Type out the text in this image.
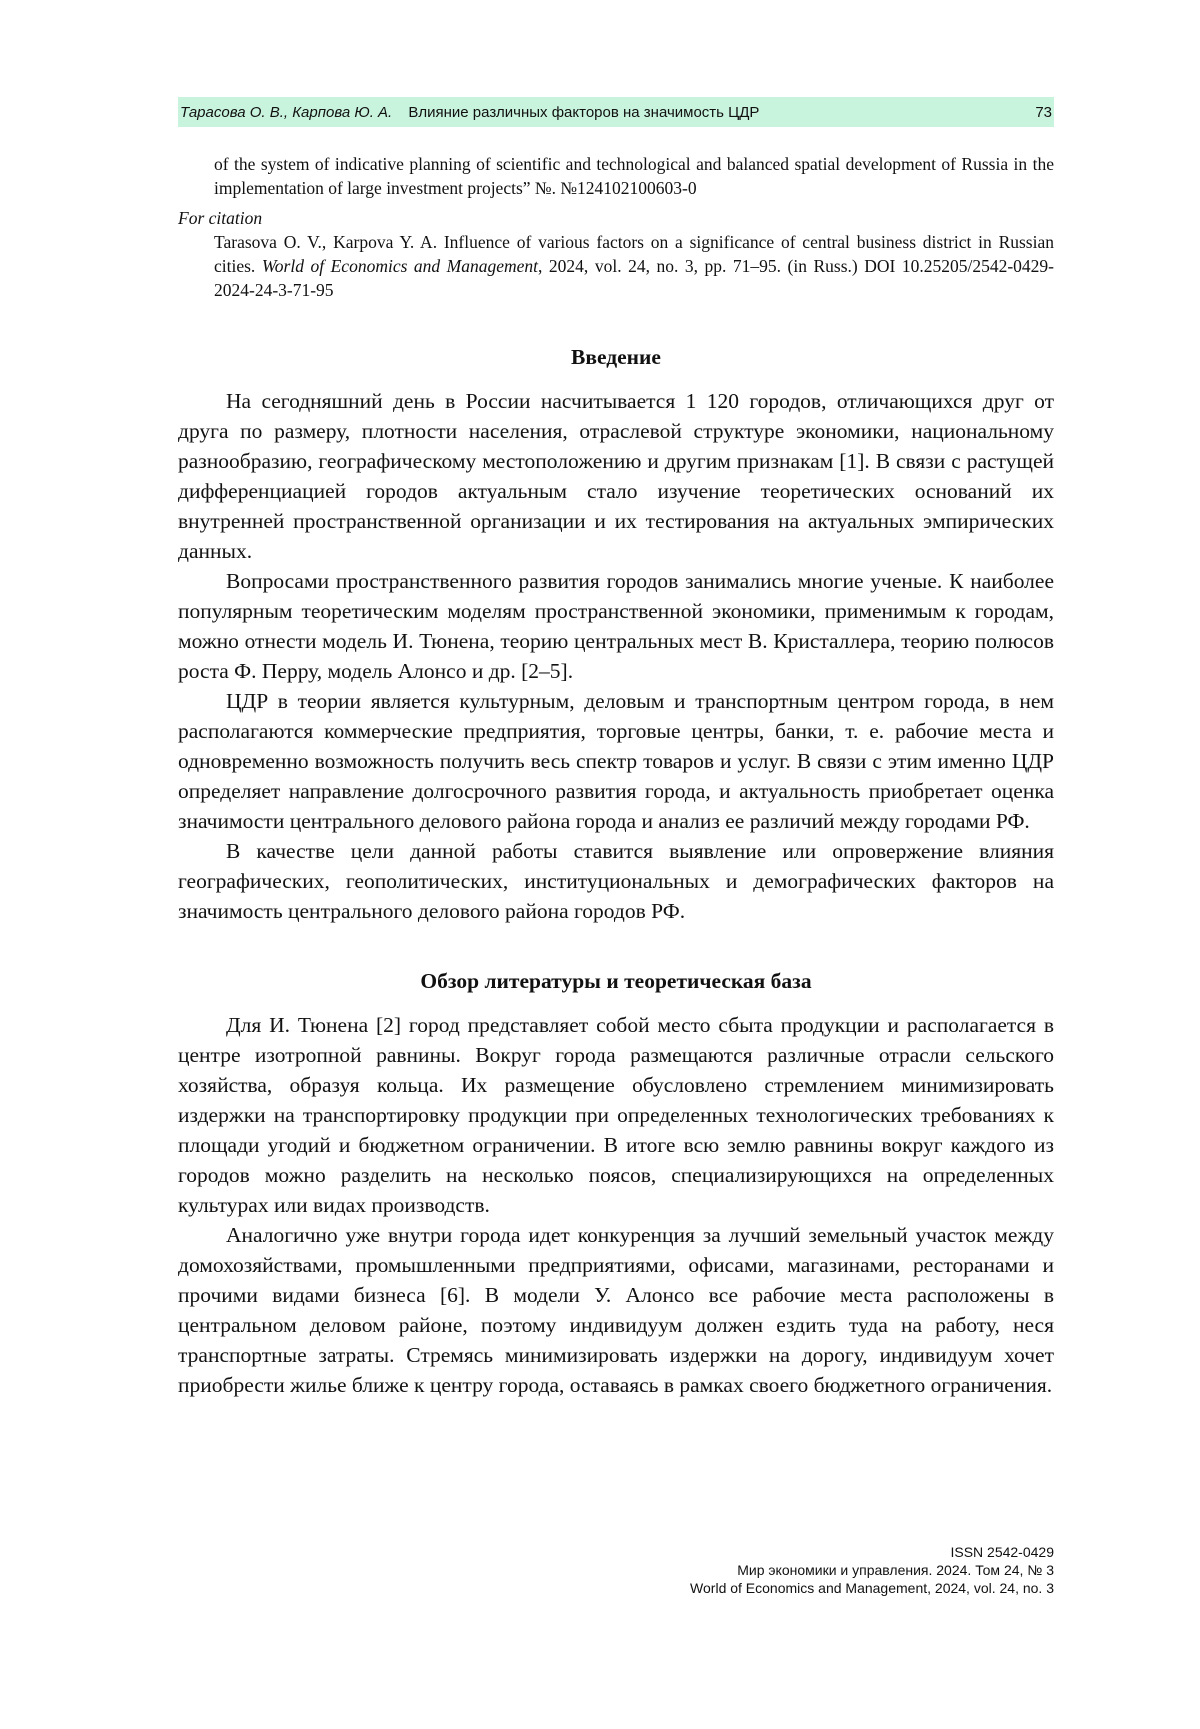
Тарасова О. В., Карпова Ю. А. Влияние различных факторов на значимость ЦДР	73
of the system of indicative planning of scientific and technological and balanced spatial development of Russia in the implementation of large investment projects” №. №124102100603-0
For citation
Tarasova O. V., Karpova Y. A. Influence of various factors on a significance of central business district in Russian cities. World of Economics and Management, 2024, vol. 24, no. 3, pp. 71–95. (in Russ.) DOI 10.25205/2542-0429-2024-24-3-71-95
Введение

На сегодняшний день в России насчитывается 1 120 городов, отличающихся друг от друга по размеру, плотности населения, отраслевой структуре экономики, национальному разнообразию, географическому местоположению и другим признакам [1]. В связи с растущей дифференциацией городов актуальным стало изучение теоретических оснований их внутренней пространственной организации и их тестирования на актуальных эмпирических данных.

Вопросами пространственного развития городов занимались многие ученые. К наиболее популярным теоретическим моделям пространственной экономики, применимым к городам, можно отнести модель И. Тюнена, теорию центральных мест В. Кристаллера, теорию полюсов роста Ф. Перру, модель Алонсо и др. [2–5].

ЦДР в теории является культурным, деловым и транспортным центром города, в нем располагаются коммерческие предприятия, торговые центры, банки, т. е. рабочие места и одновременно возможность получить весь спектр товаров и услуг. В связи с этим именно ЦДР определяет направление долгосрочного развития города, и актуальность приобретает оценка значимости центрального делового района города и анализ ее различий между городами РФ.

В качестве цели данной работы ставится выявление или опровержение влияния географических, геополитических, институциональных и демографических факторов на значимость центрального делового района городов РФ.

Обзор литературы и теоретическая база

Для И. Тюнена [2] город представляет собой место сбыта продукции и располагается в центре изотропной равнины. Вокруг города размещаются различные отрасли сельского хозяйства, образуя кольца. Их размещение обусловлено стремлением минимизировать издержки на транспортировку продукции при определенных технологических требованиях к площади угодий и бюджетном ограничении. В итоге всю землю равнины вокруг каждого из городов можно разделить на несколько поясов, специализирующихся на определенных культурах или видах производств.

Аналогично уже внутри города идет конкуренция за лучший земельный участок между домохозяйствами, промышленными предприятиями, офисами, магазинами, ресторанами и прочими видами бизнеса [6]. В модели У. Алонсо все рабочие места расположены в центральном деловом районе, поэтому индивидуум должен ездить туда на работу, неся транспортные затраты. Стремясь минимизировать издержки на дорогу, индивидуум хочет приобрести жилье ближе к центру города, оставаясь в рамках своего бюджетного ограничения.

ISSN 2542-0429
Мир экономики и управления. 2024. Том 24, № 3
World of Economics and Management, 2024, vol. 24, no. 3
